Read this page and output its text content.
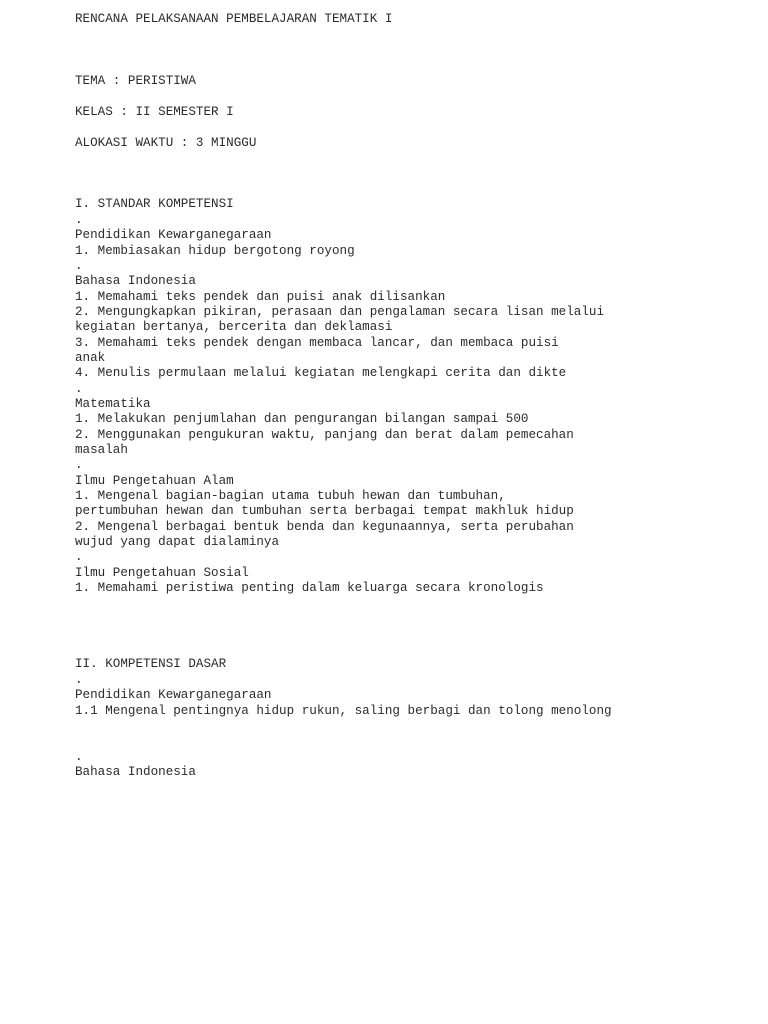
RENCANA PELAKSANAAN PEMBELAJARAN TEMATIK I

TEMA : PERISTIWA

KELAS : II SEMESTER I

ALOKASI WAKTU : 3 MINGGU

I. STANDAR KOMPETENSI

.

Pendidikan Kewarganegaraan

1. Membiasakan hidup bergotong royong

.

Bahasa Indonesia

1. Memahami teks pendek dan puisi anak dilisankan

2. Mengungkapkan pikiran, perasaan dan pengalaman secara lisan melalui

kegiatan bertanya, bercerita dan deklamasi

3. Memahami teks pendek dengan membaca lancar, dan membaca puisi

anak

4. Menulis permulaan melalui kegiatan melengkapi cerita dan dikte

.

Matematika

1. Melakukan penjumlahan dan pengurangan bilangan sampai 500

2. Menggunakan pengukuran waktu, panjang dan berat dalam pemecahan

masalah

.

Ilmu Pengetahuan Alam

1. Mengenal bagian-bagian utama tubuh hewan dan tumbuhan,

pertumbuhan hewan dan tumbuhan serta berbagai tempat makhluk hidup

2. Mengenal berbagai bentuk benda dan kegunaannya, serta perubahan

wujud yang dapat dialaminya

.

Ilmu Pengetahuan Sosial

1. Memahami peristiwa penting dalam keluarga secara kronologis

II. KOMPETENSI DASAR

.

Pendidikan Kewarganegaraan

1.1 Mengenal pentingnya hidup rukun, saling berbagi dan tolong menolong

.

Bahasa Indonesia
